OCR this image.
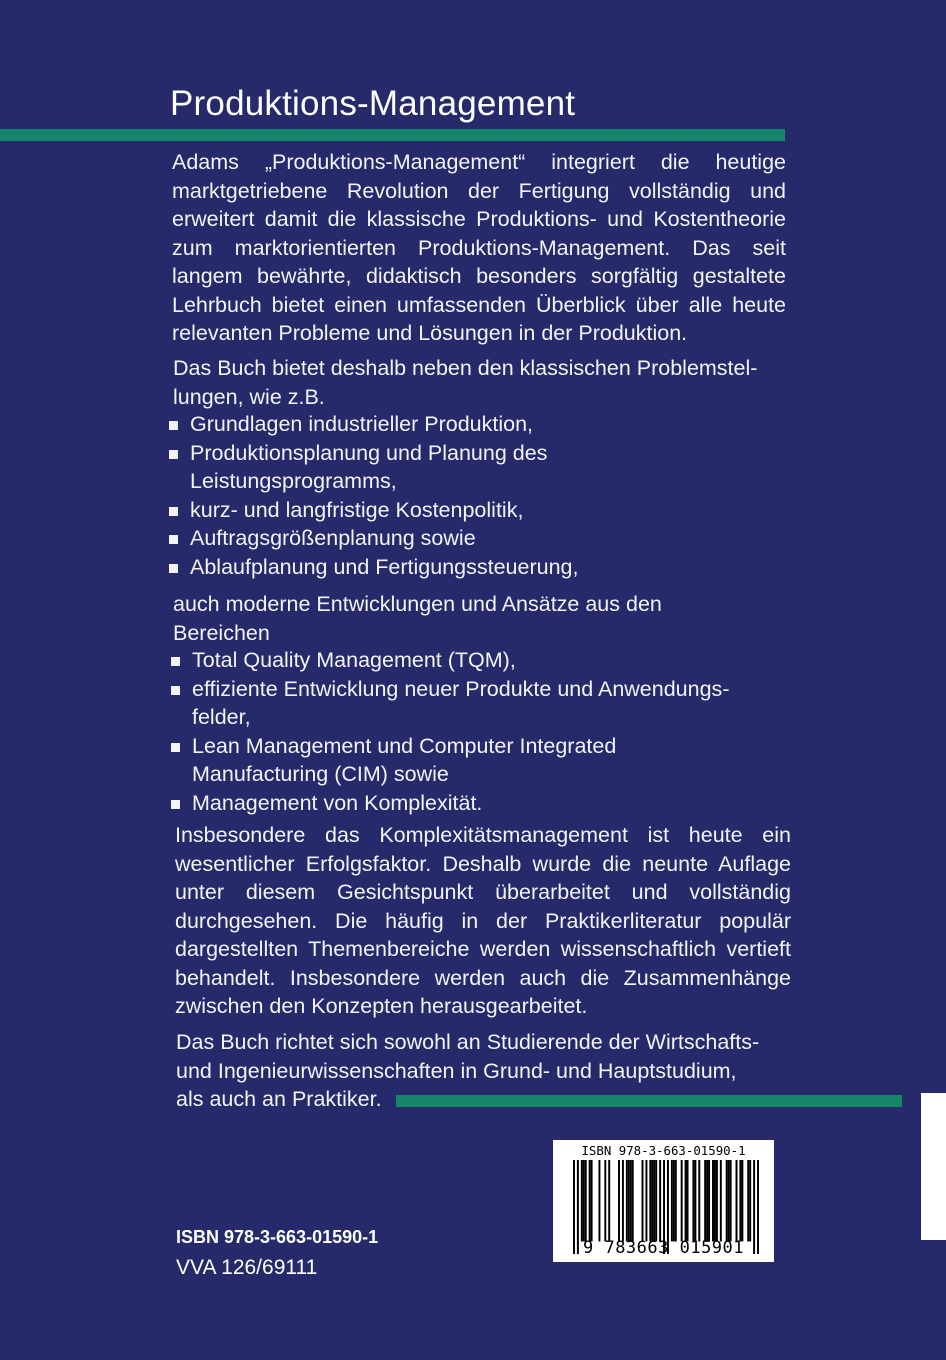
Produktions-Management
Adams „Produktions-Management“ integriert die heutige marktgetriebene Revolution der Fertigung vollständig und erweitert damit die klassische Produktions- und Kostentheorie zum marktorientierten Produktions-Management. Das seit langem bewährte, didaktisch besonders sorgfältig gestaltete Lehrbuch bietet einen umfassenden Überblick über alle heute relevanten Probleme und Lösungen in der Produktion.
Das Buch bietet deshalb neben den klassischen Problemstel-
lungen, wie z.B.
Grundlagen industrieller Produktion,
Produktionsplanung und Planung des Leistungsprogramms,
kurz- und langfristige Kostenpolitik,
Auftragsgrößenplanung sowie
Ablaufplanung und Fertigungssteuerung,
auch moderne Entwicklungen und Ansätze aus den
Bereichen
Total Quality Management (TQM),
effiziente Entwicklung neuer Produkte und Anwendungsfelder,
Lean Management und Computer Integrated Manufacturing (CIM) sowie
Management von Komplexität.
Insbesondere das Komplexitätsmanagement ist heute ein wesentlicher Erfolgsfaktor. Deshalb wurde die neunte Auflage unter diesem Gesichtspunkt überarbeitet und vollständig durchgesehen. Die häufig in der Praktikerliteratur populär dargestellten Themenbereiche werden wissenschaftlich vertieft behandelt. Insbesondere werden auch die Zusammenhänge zwischen den Konzepten herausgearbeitet.
Das Buch richtet sich sowohl an Studierende der Wirtschafts-
und Ingenieurwissenschaften in Grund- und Hauptstudium,
als auch an Praktiker.
ISBN 978-3-663-01590-1
VVA 126/69111
ISBN 978-3-663-01590-1
9 783663 015901
